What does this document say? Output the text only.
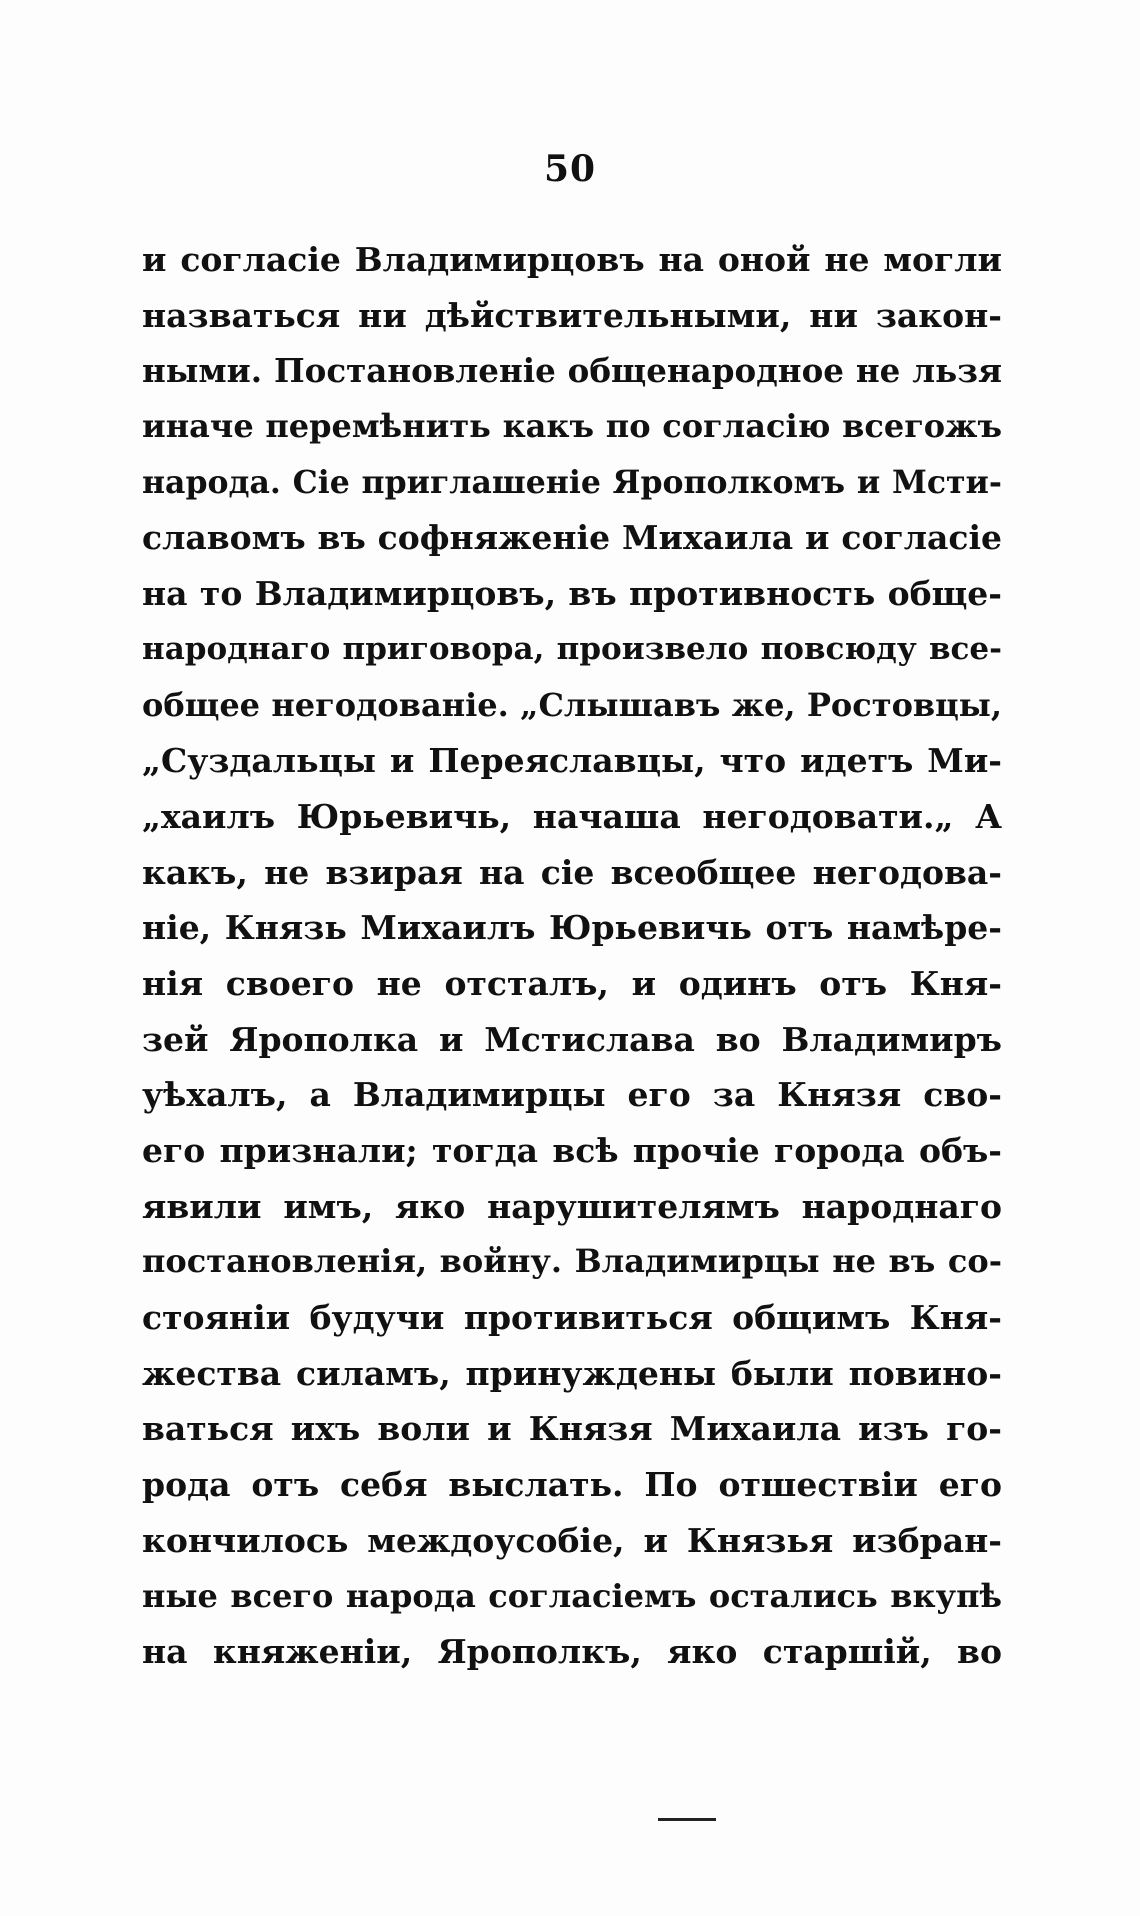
50
и согласіе Владимирцовъ на оной не могли
назваться ни дѣйствительными, ни закон-
ными. Постановленіе общенародное не льзя
иначе перемѣнить какъ по согласію всегожъ
народа. Сіе приглашеніе Ярополкомъ и Мсти-
славомъ въ софняженіе Михаила и согласіе
на то Владимирцовъ, въ противность обще-
народнаго приговора, произвело повсюду все-
общее негодованіе. „Слышавъ же, Ростовцы,
„Суздальцы и Переяславцы, что идетъ Ми-
„хаилъ Юрьевичь, начаша негодовати.„ А
какъ, не взирая на сіе всеобщее негодова-
ніе, Князь Михаилъ Юрьевичь отъ намѣре-
нія своего не отсталъ, и одинъ отъ Кня-
зей Ярополка и Мстислава во Владимиръ
уѣхалъ, а Владимирцы его за Князя сво-
его признали; тогда всѣ прочіе города объ-
явили имъ, яко нарушителямъ народнаго
постановленія, войну. Владимирцы не въ со-
стояніи будучи противиться общимъ Кня-
жества силамъ, принуждены были повино-
ваться ихъ воли и Князя Михаила изъ го-
рода отъ себя выслать. По отшествіи его
кончилось междоусобіе, и Князья избран-
ные всего народа согласіемъ остались вкупѣ
на княженіи, Ярополкъ, яко старшій, во
